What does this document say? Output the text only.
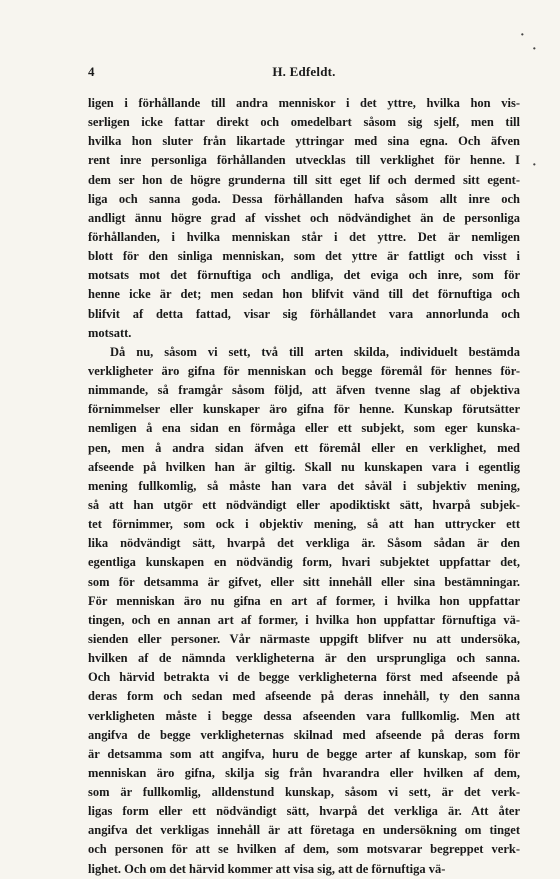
4	H. Edfeldt.
·
·
·
ligen i förhållande till andra menniskor i det yttre, hvilka hon vis-
serligen icke fattar direkt och omedelbart såsom sig sjelf, men till
hvilka hon sluter från likartade yttringar med sina egna. Och äfven
rent inre personliga förhållanden utvecklas till verklighet för henne. I
dem ser hon de högre grunderna till sitt eget lif och dermed sitt egent-
liga och sanna goda. Dessa förhållanden hafva såsom allt inre och
andligt ännu högre grad af visshet och nödvändighet än de personliga
förhållanden, i hvilka menniskan står i det yttre. Det är nemligen
blott för den sinliga menniskan, som det yttre är fattligt och visst i
motsats mot det förnuftiga och andliga, det eviga och inre, som för
henne icke är det; men sedan hon blifvit vänd till det förnuftiga och
blifvit af detta fattad, visar sig förhållandet vara annorlunda och
motsatt.
Då nu, såsom vi sett, två till arten skilda, individuelt bestämda
verkligheter äro gifna för menniskan och begge föremål för hennes för-
nimmande, så framgår såsom följd, att äfven tvenne slag af objektiva
förnimmelser eller kunskaper äro gifna för henne. Kunskap förutsätter
nemligen å ena sidan en förmåga eller ett subjekt, som eger kunska-
pen, men å andra sidan äfven ett föremål eller en verklighet, med
afseende på hvilken han är giltig. Skall nu kunskapen vara i egentlig
mening fullkomlig, så måste han vara det såväl i subjektiv mening,
så att han utgör ett nödvändigt eller apodiktiskt sätt, hvarpå subjek-
tet förnimmer, som ock i objektiv mening, så att han uttrycker ett
lika nödvändigt sätt, hvarpå det verkliga är. Såsom sådan är den
egentliga kunskapen en nödvändig form, hvari subjektet uppfattar det,
som för detsamma är gifvet, eller sitt innehåll eller sina bestämningar.
För menniskan äro nu gifna en art af former, i hvilka hon uppfattar
tingen, och en annan art af former, i hvilka hon uppfattar förnuftiga vä-
sienden eller personer. Vår närmaste uppgift blifver nu att undersöka,
hvilken af de nämnda verkligheterna är den ursprungliga och sanna.
Och härvid betrakta vi de begge verkligheterna först med afseende på
deras form och sedan med afseende på deras innehåll, ty den sanna
verkligheten måste i begge dessa afseenden vara fullkomlig. Men att
angifva de begge verkligheternas skilnad med afseende på deras form
är detsamma som att angifva, huru de begge arter af kunskap, som för
menniskan äro gifna, skilja sig från hvarandra eller hvilken af dem,
som är fullkomlig, alldenstund kunskap, såsom vi sett, är det verk-
ligas form eller ett nödvändigt sätt, hvarpå det verkliga är. Att åter
angifva det verkligas innehåll är att företaga en undersökning om tinget
och personen för att se hvilken af dem, som motsvarar begreppet verk-
lighet. Och om det härvid kommer att visa sig, att de förnuftiga vä-
